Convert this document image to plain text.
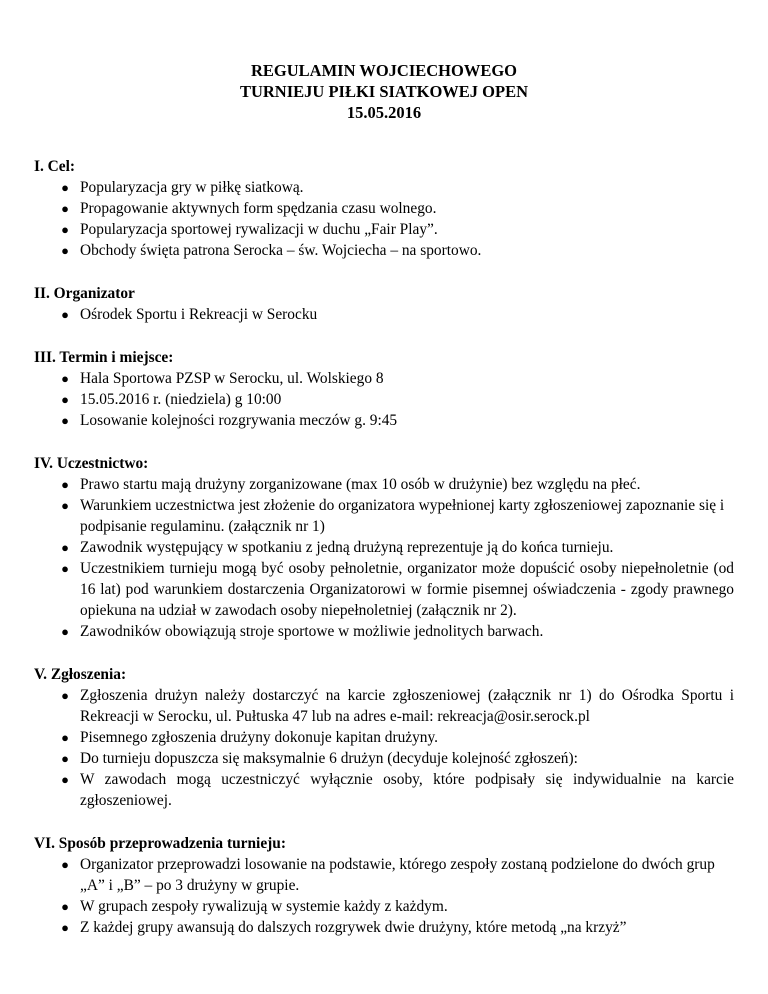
REGULAMIN WOJCIECHOWEGO

TURNIEJU PIŁKI SIATKOWEJ OPEN

15.05.2016

I. Cel:

● Popularyzacja gry w piłkę siatkową.
● Propagowanie aktywnych form spędzania czasu wolnego.
● Popularyzacja sportowej rywalizacji w duchu „Fair Play”.
● Obchody święta patrona Serocka – św. Wojciecha – na sportowo.

II. Organizator

● Ośrodek Sportu i Rekreacji w Serocku

III. Termin i miejsce:

● Hala Sportowa PZSP w Serocku, ul. Wolskiego 8
● 15.05.2016 r. (niedziela) g 10:00
● Losowanie kolejności rozgrywania meczów g. 9:45

IV. Uczestnictwo:

● Prawo startu mają drużyny zorganizowane (max 10 osób w drużynie) bez względu na płeć.
● Warunkiem uczestnictwa jest złożenie do organizatora wypełnionej karty zgłoszeniowej zapoznanie się i podpisanie regulaminu. (załącznik nr 1)
● Zawodnik występujący w spotkaniu z jedną drużyną reprezentuje ją do końca turnieju.
● Uczestnikiem turnieju mogą być osoby pełnoletnie, organizator może dopuścić osoby niepełnoletnie (od 16 lat) pod warunkiem dostarczenia Organizatorowi w formie pisemnej oświadczenia - zgody prawnego opiekuna na udział w zawodach osoby niepełnoletniej (załącznik nr 2).
● Zawodników obowiązują stroje sportowe w możliwie jednolitych barwach.

V. Zgłoszenia:

● Zgłoszenia drużyn należy dostarczyć na karcie zgłoszeniowej (załącznik nr 1) do Ośrodka Sportu i Rekreacji w Serocku, ul. Pułtuska 47 lub na adres e-mail: rekreacja@osir.serock.pl
● Pisemnego zgłoszenia drużyny dokonuje kapitan drużyny.
● Do turnieju dopuszcza się maksymalnie 6 drużyn (decyduje kolejność zgłoszeń):
● W zawodach mogą uczestniczyć wyłącznie osoby, które podpisały się indywidualnie na karcie zgłoszeniowej.

VI. Sposób przeprowadzenia turnieju:

● Organizator przeprowadzi losowanie na podstawie, którego zespoły zostaną podzielone do dwóch grup „A” i „B” – po 3 drużyny w grupie.
● W grupach zespoły rywalizują w systemie każdy z każdym.
● Z każdej grupy awansują do dalszych rozgrywek dwie drużyny, które metodą „na krzyż”
